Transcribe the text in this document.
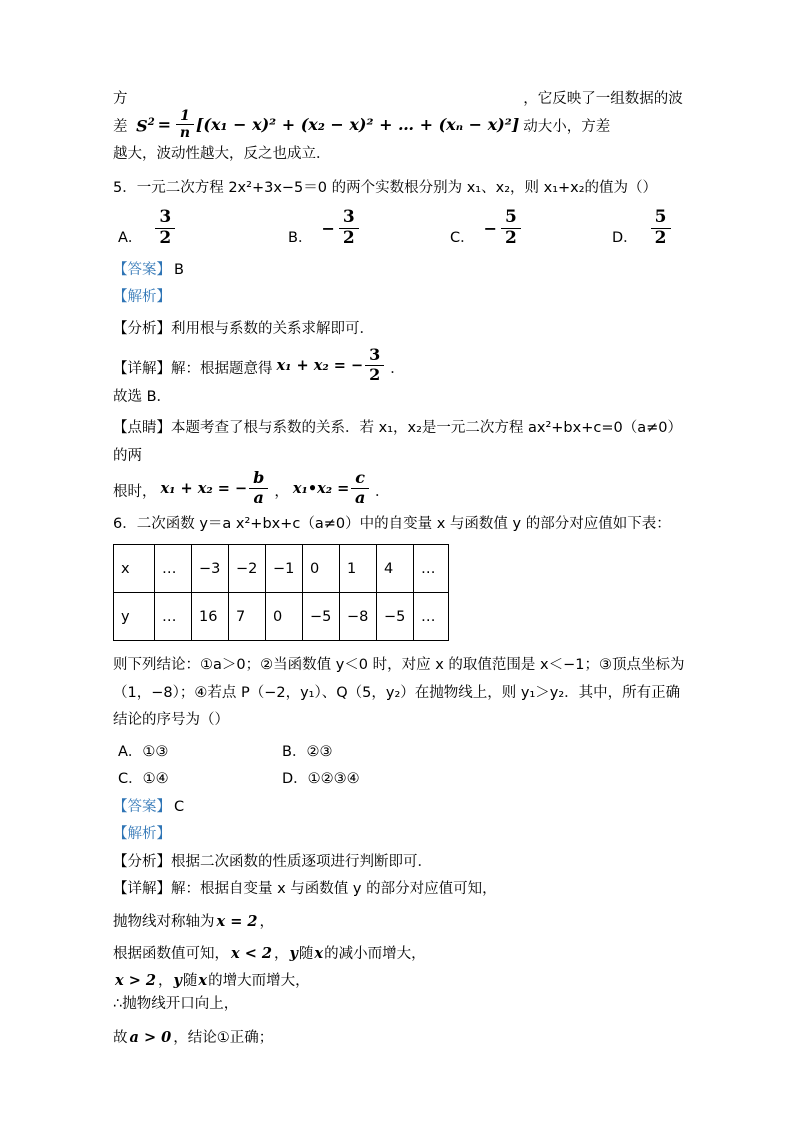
方差 $S^2 = \frac{1}{n} [(x_1 - x)^2 + (x_2 - x)^2$ + … + (xₙ − x)²]
，它反映了一组数据的波动大小，方差
越大，波动性越大，反之也成立．
5．一元二次方程 2x²+3x−5＝0 的两个实数根分别为 x₁、x₂，则 x₁+x₂的值为（）
A． $\frac{3}{2}$	B． − $\frac{3}{2}$	C． − $\frac{5}{2}$	D． $\frac{5}{2}$
【答案】 B
【解析】
【分析】利用根与系数的关系求解即可．
【详解】解：根据题意得 x₁ + x₂ = − $\frac{3}{2}$ ．
故选 B．
【点睛】本题考查了根与系数的关系．若 x₁，x₂是一元二次方程 ax²+bx+c=0（a≠0）的两
根时， x₁ + x₂ = − $\frac{b}{a}$ ， x₁•x₂ = $\frac{c}{a}$ ．
6．二次函数 y＝a x²+bx+c（a≠0）中的自变量 x 与函数值 y 的部分对应值如下表：
x	…	−3	−2	−1	0	1	4	…
y	…	16	7	0	−5	−8	−5	…
则下列结论：①a＞0；②当函数值 y＜0 时，对应 x 的取值范围是 x＜−1；③顶点坐标为（1，−8）；④若点 P（−2，y₁）、Q（5，y₂）在抛物线上，则 y₁＞y₂．其中，所有正确结论的序号为（）
A．①③	B．②③
C．①④	D．①②③④
【答案】 C
【解析】
【分析】根据二次函数的性质逐项进行判断即可．
【详解】解：根据自变量 x 与函数值 y 的部分对应值可知，
抛物线对称轴为 x = 2 ，
根据函数值可知， x < 2 ，y随x的减小而增大，
x > 2 ，y随x的增大而增大，
∴抛物线开口向上，
故 a > 0 ，结论①正确；
